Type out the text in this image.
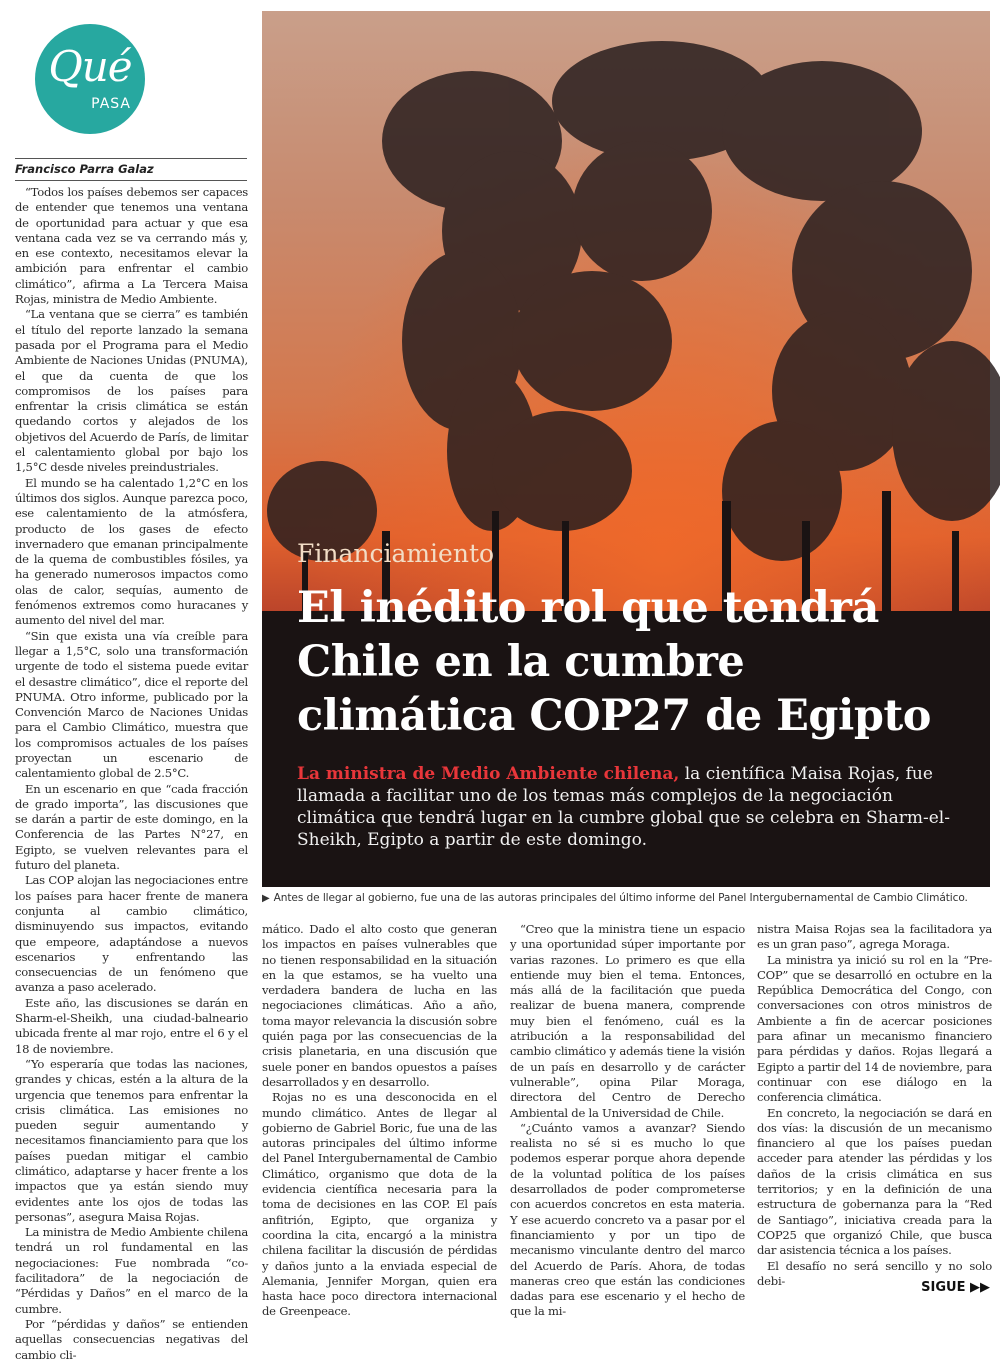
Qué
PASA
Francisco Parra Galaz

“Todos los países debemos ser capaces de entender que tenemos una ventana de oportunidad para actuar y que esa ventana cada vez se va cerrando más y, en ese contexto, necesitamos elevar la ambición para enfrentar el cambio climático”, afirma a La Tercera Maisa Rojas, ministra de Medio Ambiente.

“La ventana que se cierra” es también el título del reporte lanzado la semana pasada por el Programa para el Medio Ambiente de Naciones Unidas (PNUMA), el que da cuenta de que los compromisos de los países para enfrentar la crisis climática se están quedando cortos y alejados de los objetivos del Acuerdo de París, de limitar el calentamiento global por bajo los 1,5°C desde niveles preindustriales.

El mundo se ha calentado 1,2°C en los últimos dos siglos. Aunque parezca poco, ese calentamiento de la atmósfera, producto de los gases de efecto invernadero que emanan principalmente de la quema de combustibles fósiles, ya ha generado numerosos impactos como olas de calor, sequías, aumento de fenómenos extremos como huracanes y aumento del nivel del mar.

“Sin que exista una vía creíble para llegar a 1,5°C, solo una transformación urgente de todo el sistema puede evitar el desastre climático”, dice el reporte del PNUMA. Otro informe, publicado por la Convención Marco de Naciones Unidas para el Cambio Climático, muestra que los compromisos actuales de los países proyectan un escenario de calentamiento global de 2.5°C.

En un escenario en que “cada fracción de grado importa”, las discusiones que se darán a partir de este domingo, en la Conferencia de las Partes N°27, en Egipto, se vuelven relevantes para el futuro del planeta.

Las COP alojan las negociaciones entre los países para hacer frente de manera conjunta al cambio climático, disminuyendo sus impactos, evitando que empeore, adaptándose a nuevos escenarios y enfrentando las consecuencias de un fenómeno que avanza a paso acelerado.

Este año, las discusiones se darán en Sharm-el-Sheikh, una ciudad-balneario ubicada frente al mar rojo, entre el 6 y el 18 de noviembre.

“Yo esperaría que todas las naciones, grandes y chicas, estén a la altura de la urgencia que tenemos para enfrentar la crisis climática. Las emisiones no pueden seguir aumentando y necesitamos financiamiento para que los países puedan mitigar el cambio climático, adaptarse y hacer frente a los impactos que ya están siendo muy evidentes ante los ojos de todas las personas”, asegura Maisa Rojas.

La ministra de Medio Ambiente chilena tendrá un rol fundamental en las negociaciones: Fue nombrada “co-facilitadora” de la negociación de “Pérdidas y Daños” en el marco de la cumbre.

Por “pérdidas y daños” se entienden aquellas consecuencias negativas del cambio cli-

Financiamiento
El inédito rol que tendrá
Chile en la cumbre
climática COP27 de Egipto
La ministra de Medio Ambiente chilena, la científica Maisa Rojas, fue llamada a facilitar uno de los temas más complejos de la negociación climática que tendrá lugar en la cumbre global que se celebra en Sharm-el-Sheikh, Egipto a partir de este domingo.
▶ Antes de llegar al gobierno, fue una de las autoras principales del último informe del Panel Intergubernamental de Cambio Climático.

mático. Dado el alto costo que generan los impactos en países vulnerables que no tienen responsabilidad en la situación en la que estamos, se ha vuelto una verdadera bandera de lucha en las negociaciones climáticas. Año a año, toma mayor relevancia la discusión sobre quién paga por las consecuencias de la crisis planetaria, en una discusión que suele poner en bandos opuestos a países desarrollados y en desarrollo.

Rojas no es una desconocida en el mundo climático. Antes de llegar al gobierno de Gabriel Boric, fue una de las autoras principales del último informe del Panel Intergubernamental de Cambio Climático, organismo que dota de la evidencia científica necesaria para la toma de decisiones en las COP. El país anfitrión, Egipto, que organiza y coordina la cita, encargó a la ministra chilena facilitar la discusión de pérdidas y daños junto a la enviada especial de Alemania, Jennifer Morgan, quien era hasta hace poco directora internacional de Greenpeace.

“Creo que la ministra tiene un espacio y una oportunidad súper importante por varias razones. Lo primero es que ella entiende muy bien el tema. Entonces, más allá de la facilitación que pueda realizar de buena manera, comprende muy bien el fenómeno, cuál es la atribución a la responsabilidad del cambio climático y además tiene la visión de un país en desarrollo y de carácter vulnerable”, opina Pilar Moraga, directora del Centro de Derecho Ambiental de la Universidad de Chile.

“¿Cuánto vamos a avanzar? Siendo realista no sé si es mucho lo que podemos esperar porque ahora depende de la voluntad política de los países desarrollados de poder comprometerse con acuerdos concretos en esta materia. Y ese acuerdo concreto va a pasar por el financiamiento y por un tipo de mecanismo vinculante dentro del marco del Acuerdo de París. Ahora, de todas maneras creo que están las condiciones dadas para ese escenario y el hecho de que la mi-

nistra Maisa Rojas sea la facilitadora ya es un gran paso”, agrega Moraga.

La ministra ya inició su rol en la “Pre-COP” que se desarrolló en octubre en la República Democrática del Congo, con conversaciones con otros ministros de Ambiente a fin de acercar posiciones para afinar un mecanismo financiero para pérdidas y daños. Rojas llegará a Egipto a partir del 14 de noviembre, para continuar con ese diálogo en la conferencia climática.

En concreto, la negociación se dará en dos vías: la discusión de un mecanismo financiero al que los países puedan acceder para atender las pérdidas y los daños de la crisis climática en sus territorios; y en la definición de una estructura de gobernanza para la “Red de Santiago”, iniciativa creada para la COP25 que organizó Chile, que busca dar asistencia técnica a los países.

El desafío no será sencillo y no solo debi-	SIGUE ▶▶
